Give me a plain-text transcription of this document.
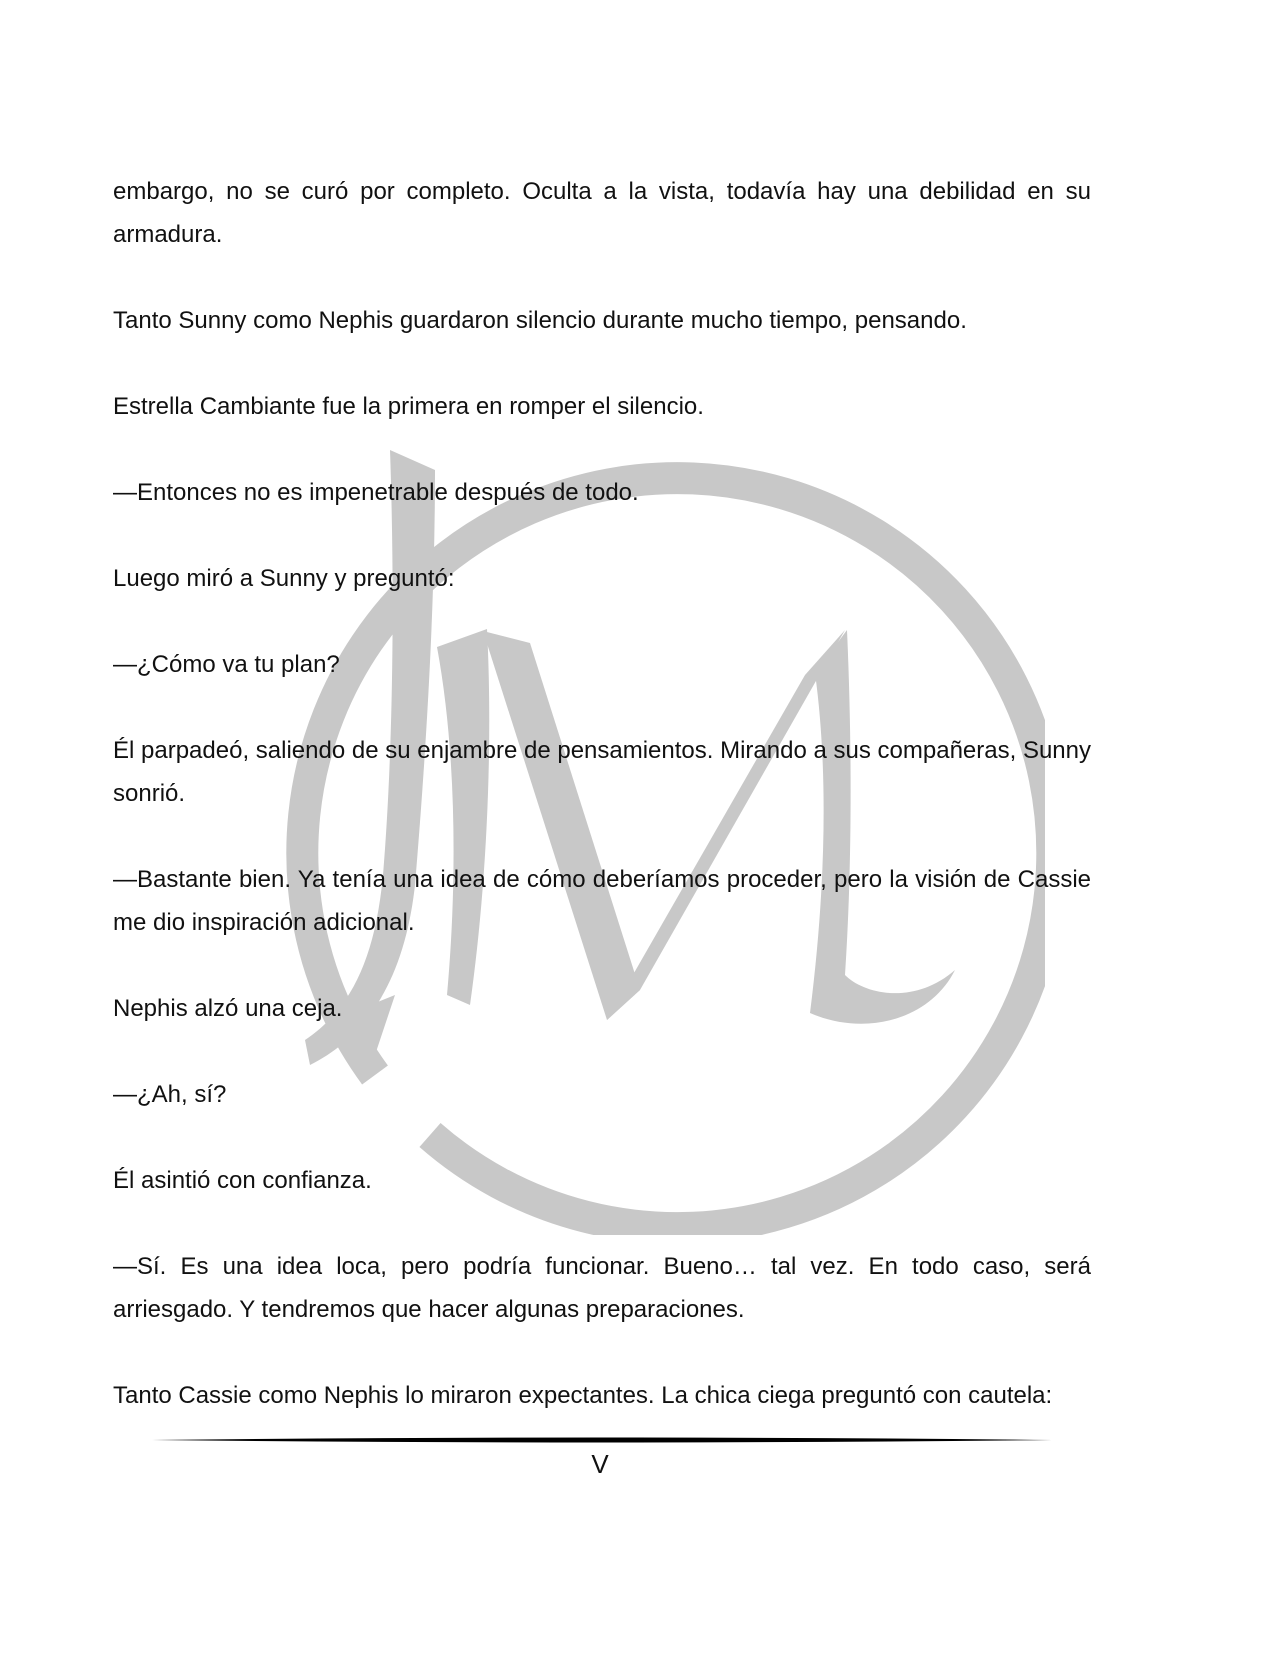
embargo, no se curó por completo. Oculta a la vista, todavía hay una debilidad en su armadura.

Tanto Sunny como Nephis guardaron silencio durante mucho tiempo, pensando.

Estrella Cambiante fue la primera en romper el silencio.

—Entonces no es impenetrable después de todo.

Luego miró a Sunny y preguntó:

—¿Cómo va tu plan?

Él parpadeó, saliendo de su enjambre de pensamientos. Mirando a sus compañeras, Sunny sonrió.

—Bastante bien. Ya tenía una idea de cómo deberíamos proceder, pero la visión de Cassie me dio inspiración adicional.

Nephis alzó una ceja.

—¿Ah, sí?

Él asintió con confianza.

—Sí. Es una idea loca, pero podría funcionar. Bueno… tal vez. En todo caso, será arriesgado. Y tendremos que hacer algunas preparaciones.

Tanto Cassie como Nephis lo miraron expectantes. La chica ciega preguntó con cautela:

V
